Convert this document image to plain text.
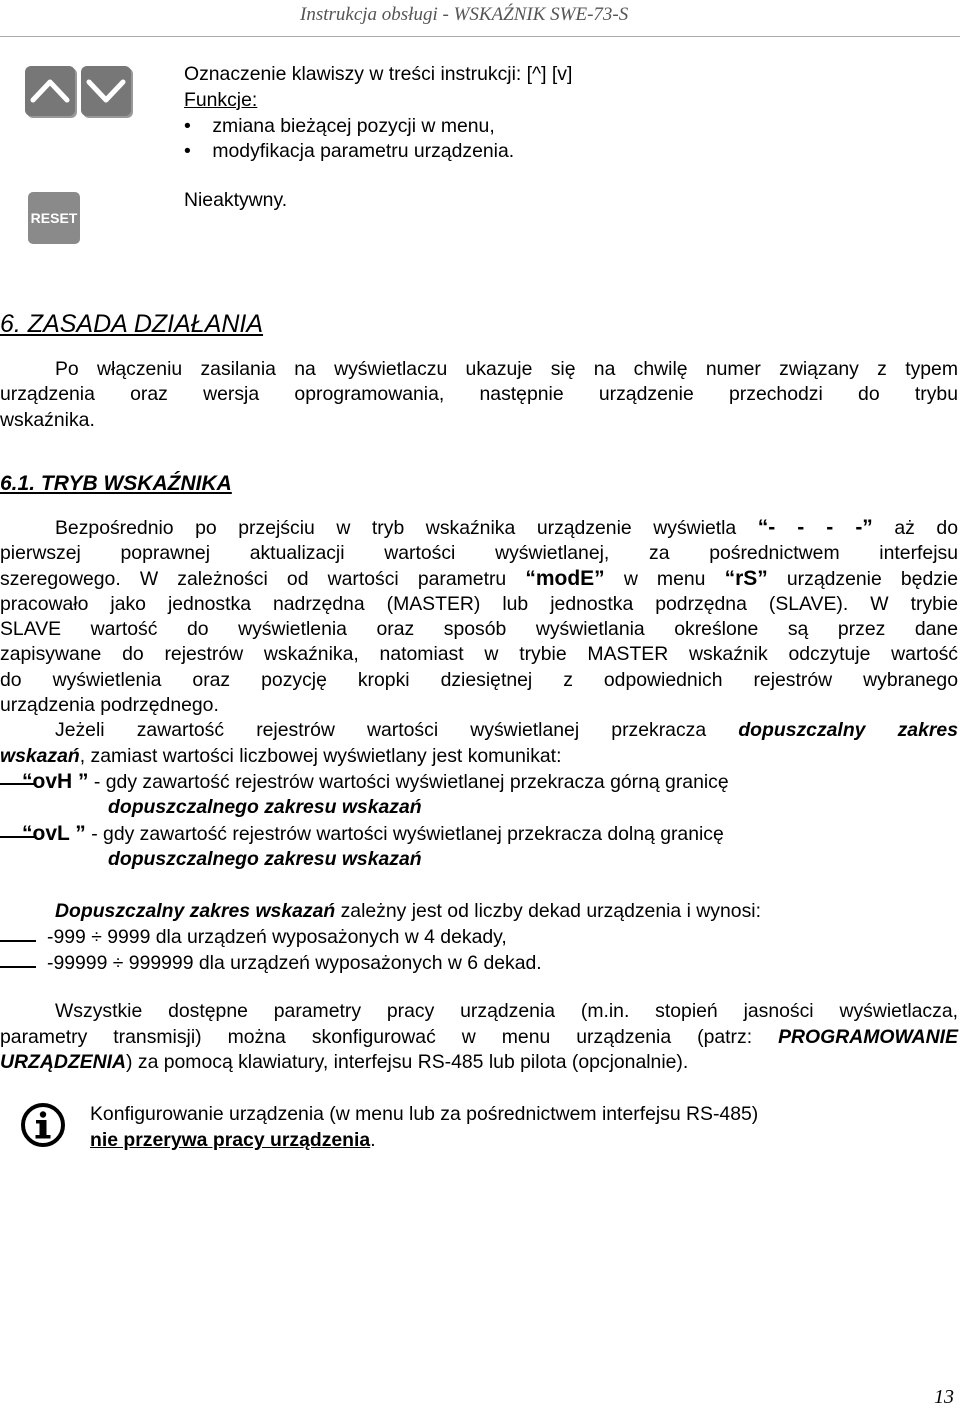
Instrukcja obsługi - WSKAŹNIK SWE-73-S
Oznaczenie klawiszy w treści instrukcji: [^] [v]
Funkcje:
•    zmiana bieżącej pozycji w menu,
•    modyfikacja parametru urządzenia.
RESET
Nieaktywny.
6. ZASADA DZIAŁANIA
Po włączeniu zasilania na wyświetlaczu ukazuje się na chwilę numer związany z typem
urządzenia oraz wersja oprogramowania, następnie urządzenie przechodzi do trybu
wskaźnika.
6.1. TRYB WSKAŹNIKA
Bezpośrednio po przejściu w tryb wskaźnika urządzenie wyświetla “- - - -” aż do
pierwszej poprawnej aktualizacji wartości wyświetlanej, za pośrednictwem interfejsu
szeregowego. W zależności od wartości parametru “modE” w menu “rS” urządzenie będzie
pracowało jako jednostka nadrzędna (MASTER) lub jednostka podrzędna (SLAVE). W trybie
SLAVE wartość do wyświetlenia oraz sposób wyświetlania określone są przez dane
zapisywane do rejestrów wskaźnika, natomiast w trybie MASTER wskaźnik odczytuje wartość
do wyświetlenia oraz pozycję kropki dziesiętnej z odpowiednich rejestrów wybranego
urządzenia podrzędnego.
Jeżeli zawartość rejestrów wartości wyświetlanej przekracza dopuszczalny zakres
wskazań, zamiast wartości liczbowej wyświetlany jest komunikat:
“ovH ” - gdy zawartość rejestrów wartości wyświetlanej przekracza górną granicę
dopuszczalnego zakresu wskazań
“ovL ” - gdy zawartość rejestrów wartości wyświetlanej przekracza dolną granicę
dopuszczalnego zakresu wskazań
Dopuszczalny zakres wskazań zależny jest od liczby dekad urządzenia i wynosi:
-999 ÷ 9999 dla urządzeń wyposażonych w 4 dekady,
-99999 ÷ 999999 dla urządzeń wyposażonych w 6 dekad.
Wszystkie dostępne parametry pracy urządzenia (m.in. stopień jasności wyświetlacza,
parametry transmisji) można skonfigurować w menu urządzenia (patrz: PROGRAMOWANIE
URZĄDZENIA) za pomocą klawiatury, interfejsu RS-485 lub pilota (opcjonalnie).
Konfigurowanie urządzenia (w menu lub za pośrednictwem interfejsu RS-485)
nie przerywa pracy urządzenia.
13
